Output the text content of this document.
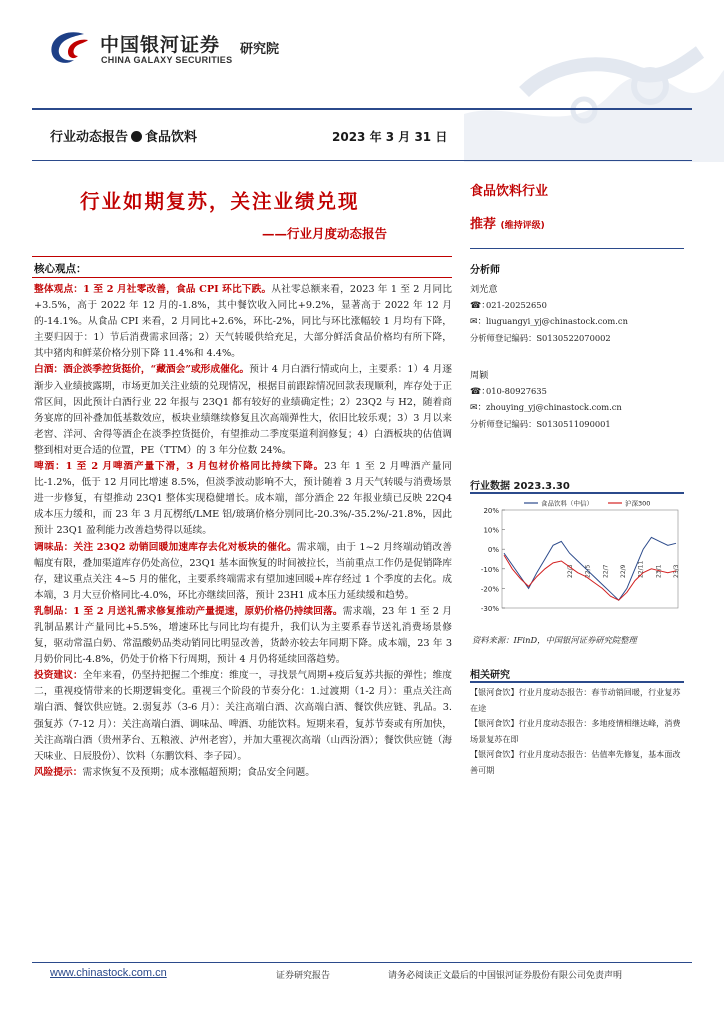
中国银河证券
CHINA GALAXY SECURITIES
研究院
行业动态报告 食品饮料	2023 年 3 月 31 日
行业如期复苏，关注业绩兑现
——行业月度动态报告
核心观点：

整体观点：1 至 2 月社零改善，食品 CPI 环比下跌。从社零总额来看，2023 年 1 至 2 月同比+3.5%，高于 2022 年 12 月的-1.8%，其中餐饮收入同比+9.2%，显著高于 2022 年 12 月的-14.1%。从食品 CPI 来看，2 月同比+2.6%，环比-2%，同比与环比涨幅较 1 月均有下降，主要归因于：1）节后消费需求回落；2）天气转暖供给充足，大部分鲜活食品价格均有所下降，其中猪肉和鲜菜价格分别下降 11.4%和 4.4%。

白酒：酒企淡季控货挺价，“藏酒会”或形成催化。预计 4 月白酒行情或向上，主要系：1）4 月逐渐步入业绩披露期，市场更加关注业绩的兑现情况，根据目前跟踪情况回款表现顺利，库存处于正常区间，因此预计白酒行业 22 年报与 23Q1 都有较好的业绩确定性；2）23Q2 与 H2，随着商务宴席的回补叠加低基数效应，板块业绩继续修复且次高端弹性大，依旧比较乐观；3）3 月以来老窖、洋河、舍得等酒企在淡季控货挺价，有望推动二季度渠道利润修复；4）白酒板块的估值调整到相对更合适的位置，PE（TTM）的 3 年分位数 24%。

啤酒：1 至 2 月啤酒产量下滑，3 月包材价格同比持续下降。23 年 1 至 2 月啤酒产量同比-1.2%，低于 12 月同比增速 8.5%，但淡季波动影响不大，预计随着 3 月天气转暖与消费场景进一步修复，有望推动 23Q1 整体实现稳健增长。成本端，部分酒企 22 年报业绩已反映 22Q4 成本压力缓和，而 23 年 3 月瓦楞纸/LME 铝/玻璃价格分别同比-20.3%/-35.2%/-21.8%，因此预计 23Q1 盈利能力改善趋势得以延续。

调味品：关注 23Q2 动销回暖加速库存去化对板块的催化。需求端，由于 1~2 月终端动销改善幅度有限，叠加渠道库存仍处高位，23Q1 基本面恢复的时间被拉长，当前重点工作仍是促销降库存，建议重点关注 4~5 月的催化，主要系终端需求有望加速回暖+库存经过 1 个季度的去化。成本端，3 月大豆价格同比-4.0%，环比亦继续回落，预计 23H1 成本压力延续缓和趋势。

乳制品：1 至 2 月送礼需求修复推动产量提速，原奶价格仍持续回落。需求端，23 年 1 至 2 月乳制品累计产量同比+5.5%，增速环比与同比均有提升，我们认为主要系春节送礼消费场景修复，驱动常温白奶、常温酸奶品类动销同比明显改善，货龄亦较去年同期下降。成本端，23 年 3 月奶价同比-4.8%，仍处于价格下行周期，预计 4 月仍将延续回落趋势。

投资建议：全年来看，仍坚持把握二个维度：维度一，寻找景气周期+疫后复苏共振的弹性；维度二，重视疫情带来的长期逻辑变化。重视三个阶段的节奏分化：1.过渡期（1-2 月）：重点关注高端白酒、餐饮供应链。2.弱复苏（3-6 月）：关注高端白酒、次高端白酒、餐饮供应链、乳品。3.强复苏（7-12 月）：关注高端白酒、调味品、啤酒、功能饮料。短期来看，复苏节奏或有所加快，关注高端白酒（贵州茅台、五粮液、泸州老窖），并加大重视次高端（山西汾酒）；餐饮供应链（海天味业、日辰股份）、饮料（东鹏饮料、李子园）。

风险提示：需求恢复不及预期；成本涨幅超预期；食品安全问题。

食品饮料行业
推荐 (维持评级)
分析师
刘光意
☎：021-20252650
✉：liuguangyi_yj@chinastock.com.cn
分析师登记编码：S0130522070002
周颖
☎：010-80927635
✉：zhouying_yj@chinastock.com.cn
分析师登记编码：S0130511090001
行业数据 2023.3.30
20%
10%
0%
-10%
-20%
-30%
食品饮料（中信）	沪深300
22/3 22/5 22/7 22/9 22/11 23/1 23/3
资料来源：IFinD，中国银河证券研究院整理
相关研究
【银河食饮】行业月度动态报告：春节动销回暖，行业复苏在途
【银河食饮】行业月度动态报告：多地疫情相继达峰，消费场景复苏在即
【银河食饮】行业月度动态报告：估值率先修复，基本面改善可期
www.chinastock.com.cn	证券研究报告	请务必阅读正文最后的中国银河证券股份有限公司免责声明
